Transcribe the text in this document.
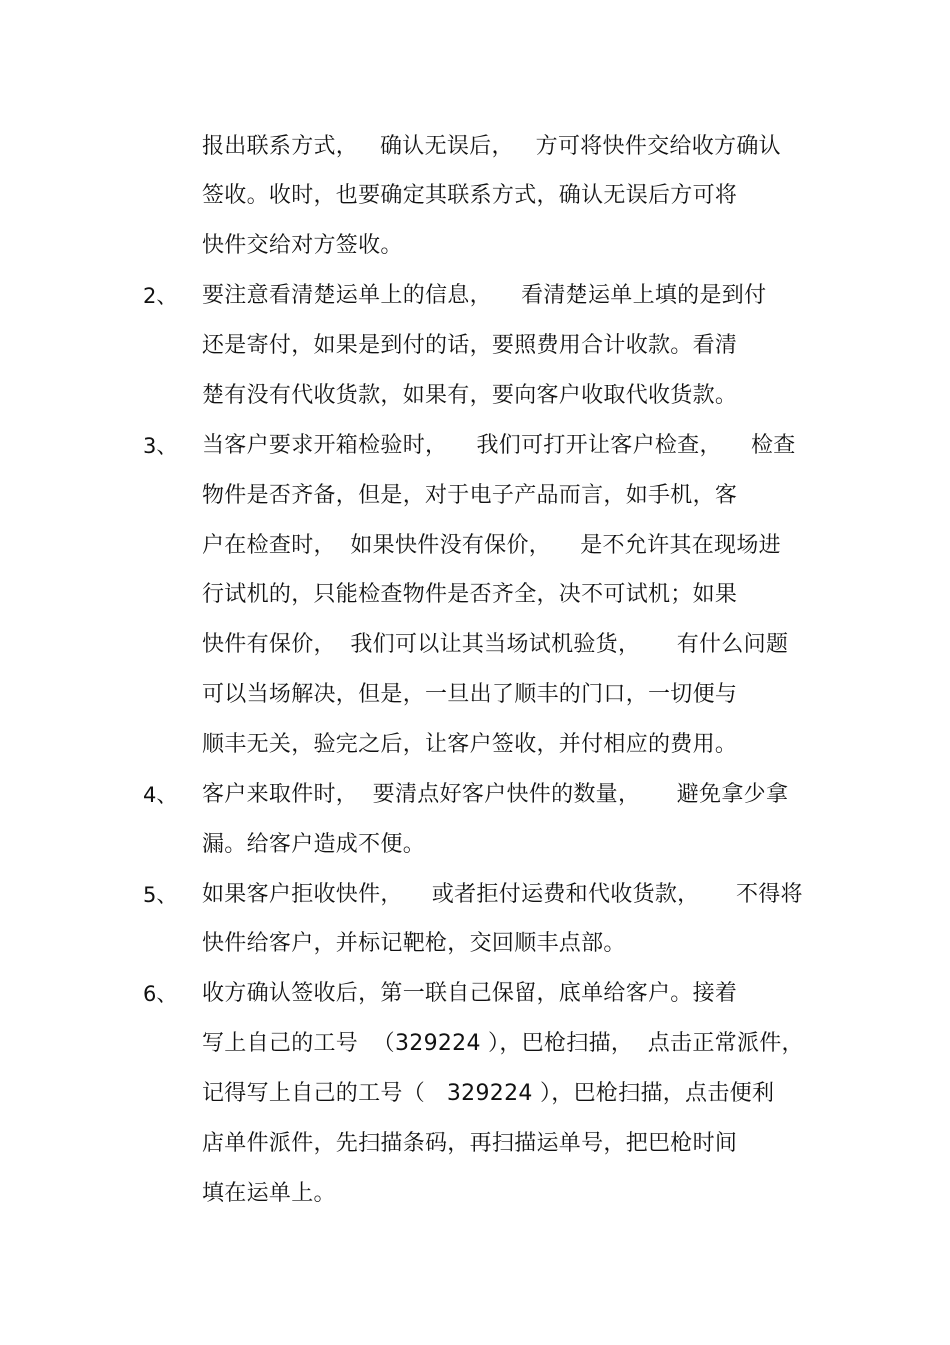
报出联系方式，   确认无误后，   方可将快件交给收方确认
签收。收时，也要确定其联系方式，确认无误后方可将
快件交给对方签收。
2、 要注意看清楚运单上的信息，    看清楚运单上填的是到付
还是寄付，如果是到付的话，要照费用合计收款。看清
楚有没有代收货款，如果有，要向客户收取代收货款。
3、 当客户要求开箱检验时，    我们可打开让客户检查，    检查
物件是否齐备，但是，对于电子产品而言，如手机，客
户在检查时，  如果快件没有保价，    是不允许其在现场进
行试机的，只能检查物件是否齐全，决不可试机；如果
快件有保价，  我们可以让其当场试机验货，     有什么问题
可以当场解决，但是，一旦出了顺丰的门口，一切便与
顺丰无关，验完之后，让客户签收，并付相应的费用。
4、 客户来取件时，  要清点好客户快件的数量，     避免拿少拿
漏。给客户造成不便。
5、 如果客户拒收快件，    或者拒付运费和代收货款，     不得将
快件给客户，并标记靶枪，交回顺丰点部。
6、 收方确认签收后，第一联自己保留，底单给客户。接着
写上自己的工号  （329224 ），巴枪扫描，  点击正常派件，
记得写上自己的工号（   329224 ），巴枪扫描，点击便利
店单件派件，先扫描条码，再扫描运单号，把巴枪时间
填在运单上。
